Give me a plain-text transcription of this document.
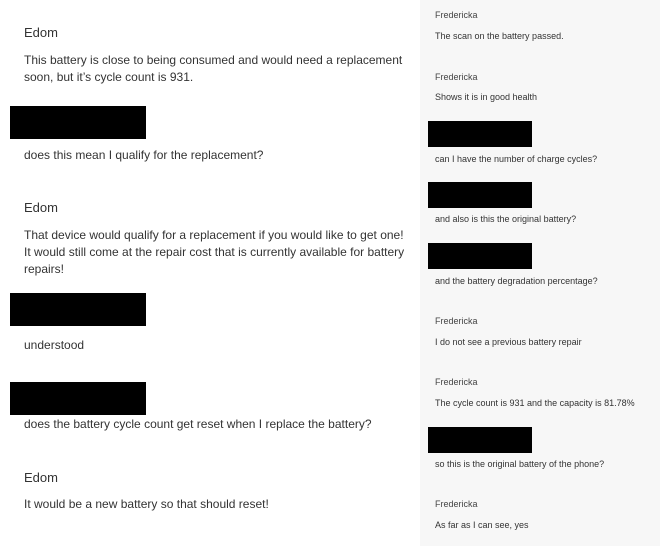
Edom
This battery is close to being consumed and would need a replacement soon, but it’s cycle count is 931.
does this mean I qualify for the replacement?
Edom
That device would qualify for a replacement if you would like to get one! It would still come at the repair cost that is currently available for battery repairs!
understood
does the battery cycle count get reset when I replace the battery?
Edom
It would be a new battery so that should reset!
Fredericka
The scan on the battery passed.
Fredericka
Shows it is in good health
can I have the number of charge cycles?
and also is this the original battery?
and the battery degradation percentage?
Fredericka
I do not see a previous battery repair
Fredericka
The cycle count is 931 and the capacity is 81.78%
so this is the original battery of the phone?
Fredericka
As far as I can see, yes
